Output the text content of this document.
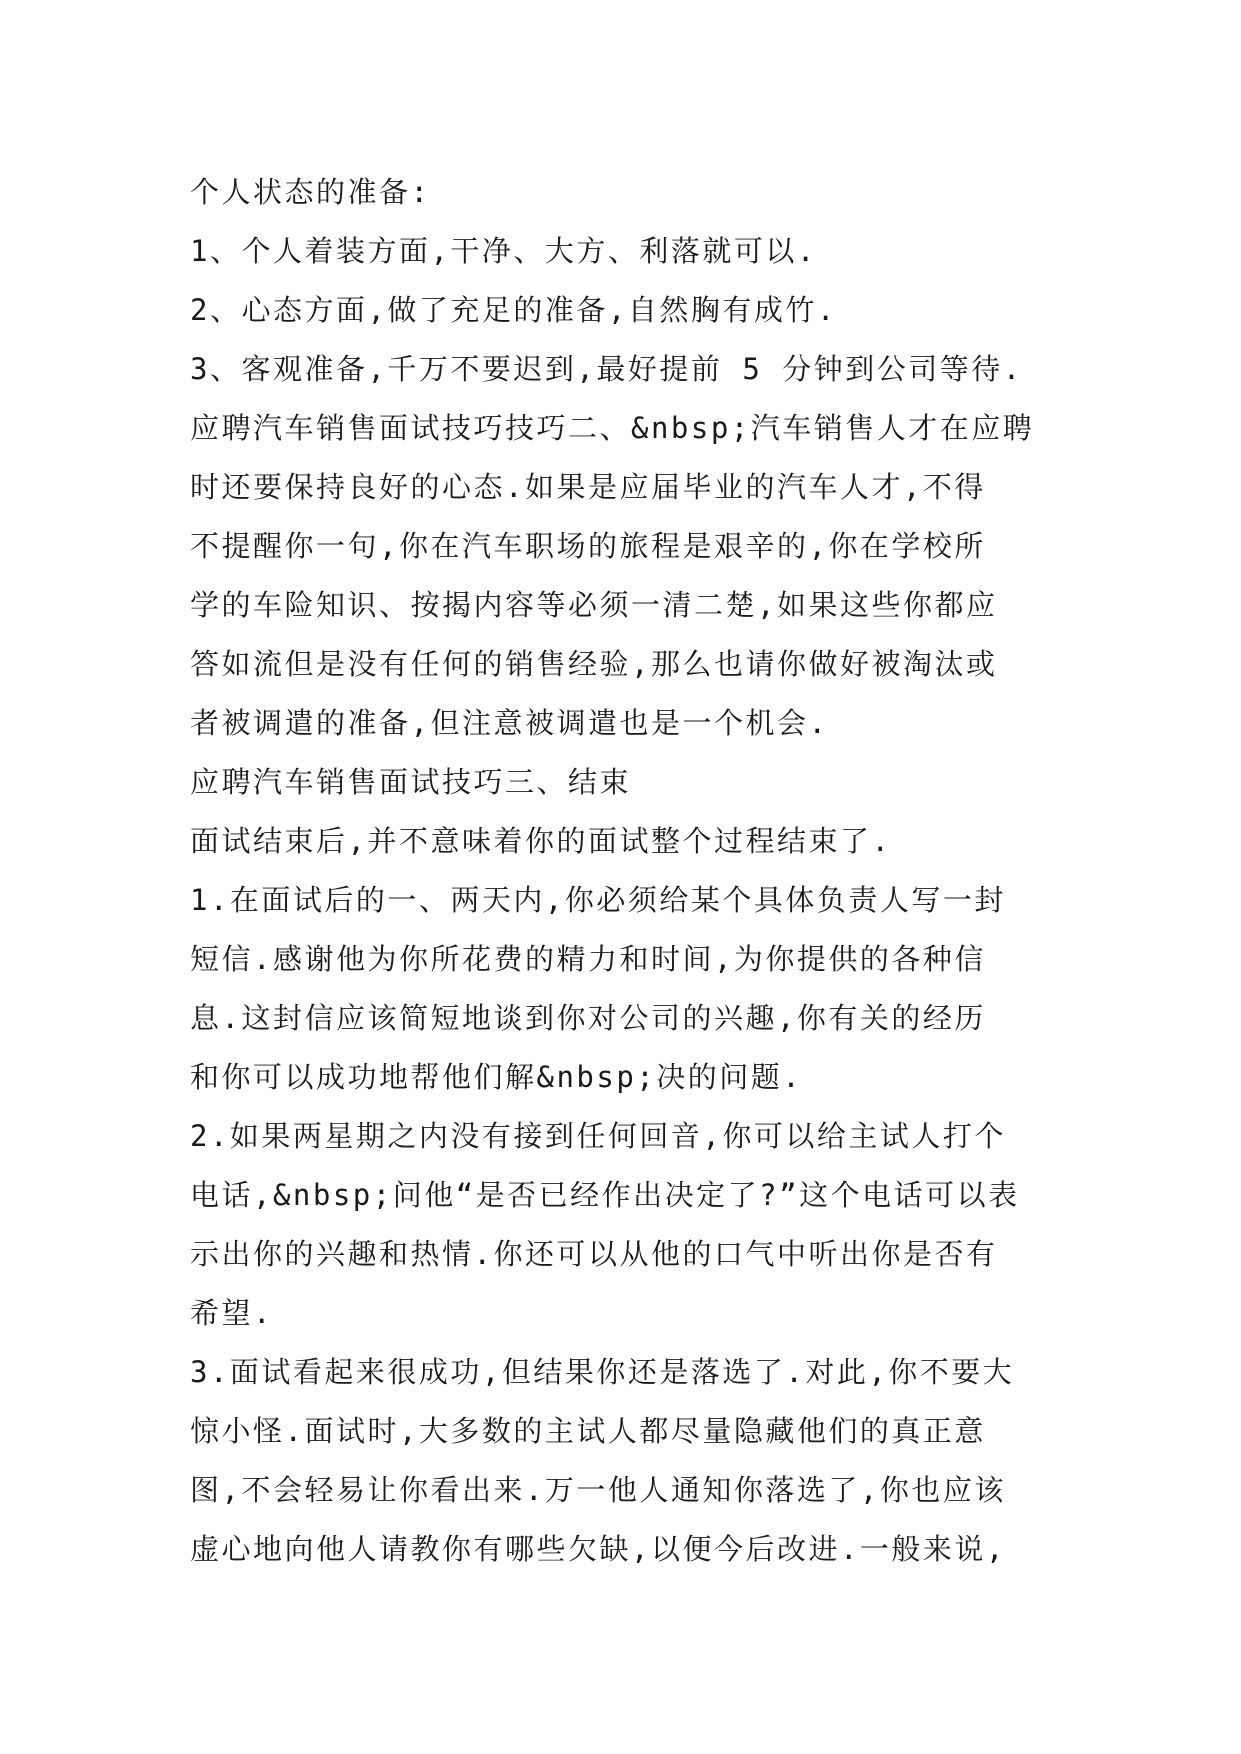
个人状态的准备:
1、个人着装方面,干净、大方、利落就可以.
2、心态方面,做了充足的准备,自然胸有成竹.
3、客观准备,千万不要迟到,最好提前 5 分钟到公司等待.
应聘汽车销售面试技巧技巧二、&nbsp;汽车销售人才在应聘
时还要保持良好的心态.如果是应届毕业的汽车人才,不得
不提醒你一句,你在汽车职场的旅程是艰辛的,你在学校所
学的车险知识、按揭内容等必须一清二楚,如果这些你都应
答如流但是没有任何的销售经验,那么也请你做好被淘汰或
者被调遣的准备,但注意被调遣也是一个机会.
应聘汽车销售面试技巧三、结束
面试结束后,并不意味着你的面试整个过程结束了.
1.在面试后的一、两天内,你必须给某个具体负责人写一封
短信.感谢他为你所花费的精力和时间,为你提供的各种信
息.这封信应该简短地谈到你对公司的兴趣,你有关的经历
和你可以成功地帮他们解&nbsp;决的问题.
2.如果两星期之内没有接到任何回音,你可以给主试人打个
电话,&nbsp;问他“是否已经作出决定了?”这个电话可以表
示出你的兴趣和热情.你还可以从他的口气中听出你是否有
希望.
3.面试看起来很成功,但结果你还是落选了.对此,你不要大
惊小怪.面试时,大多数的主试人都尽量隐藏他们的真正意
图,不会轻易让你看出来.万一他人通知你落选了,你也应该
虚心地向他人请教你有哪些欠缺,以便今后改进.一般来说,
